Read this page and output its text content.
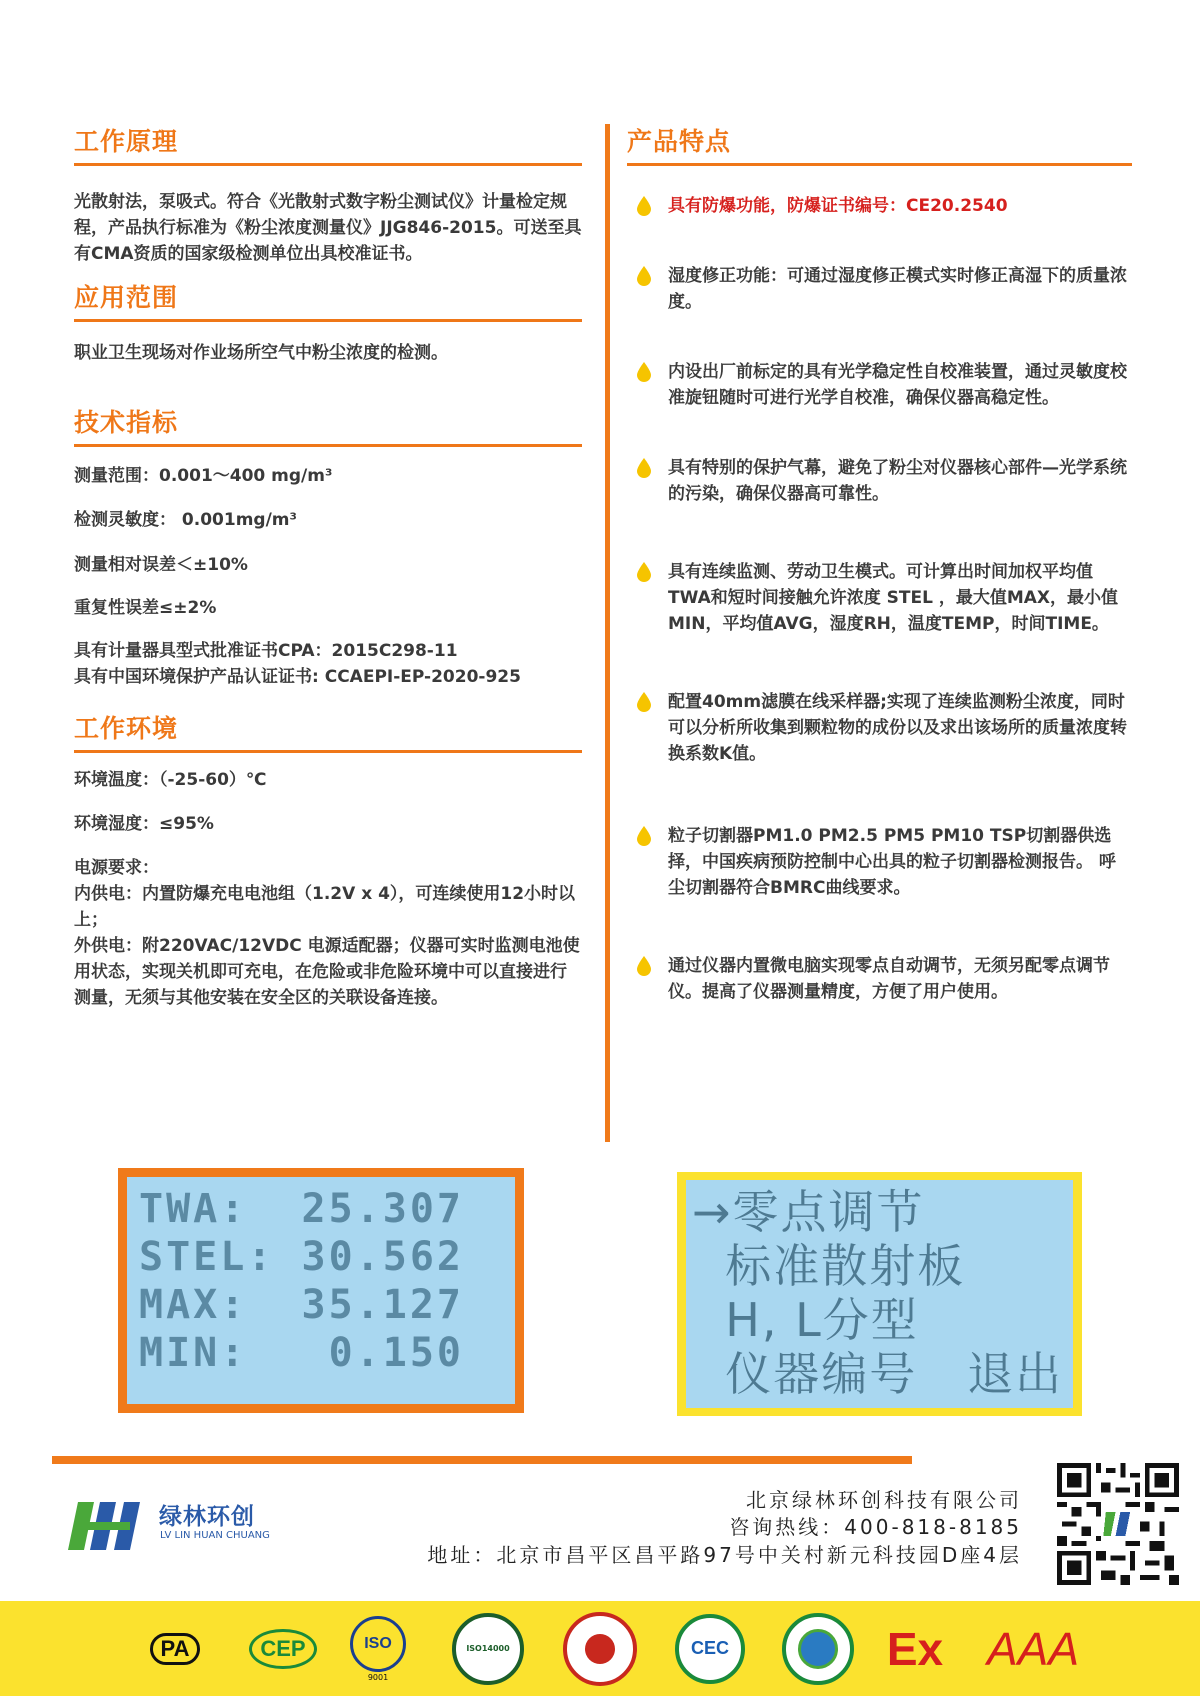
工作原理

光散射法，泵吸式。符合《光散射式数字粉尘测试仪》计量检定规程，产品执行标准为《粉尘浓度测量仪》JJG846-2015。可送至具有CMA资质的国家级检测单位出具校准证书。

应用范围

职业卫生现场对作业场所空气中粉尘浓度的检测。

技术指标
测量范围：0.001～400 mg/m³
检测灵敏度： 0.001mg/m³
测量相对误差＜±10%
重复性误差≤±2%
具有计量器具型式批准证书CPA：2015C298-11
具有中国环境保护产品认证证书: CCAEPI-EP-2020-925
工作环境
环境温度：（-25-60）℃
环境湿度：≤95%
电源要求：
内供电：内置防爆充电电池组（1.2V x 4），可连续使用12小时以上；
外供电：附220VAC/12VDC 电源适配器；仪器可实时监测电池使用状态，实现关机即可充电，在危险或非危险环境中可以直接进行测量，无须与其他安装在安全区的关联设备连接。
产品特点
具有防爆功能，防爆证书编号：CE20.2540
湿度修正功能：可通过湿度修正模式实时修正高湿下的质量浓度。
内设出厂前标定的具有光学稳定性自校准装置，通过灵敏度校准旋钮随时可进行光学自校准，确保仪器高稳定性。
具有特别的保护气幕，避免了粉尘对仪器核心部件—光学系统的污染，确保仪器高可靠性。
具有连续监测、劳动卫生模式。可计算出时间加权平均值TWA和短时间接触允许浓度 STEL ，最大值MAX，最小值MIN，平均值AVG，湿度RH，温度TEMP，时间TIME。
配置40mm滤膜在线采样器;实现了连续监测粉尘浓度，同时可以分析所收集到颗粒物的成份以及求出该场所的质量浓度转换系数K值。
粒子切割器PM1.0 PM2.5 PM5 PM10 TSP切割器供选择，中国疾病预防控制中心出具的粒子切割器检测报告。 呼尘切割器符合BMRC曲线要求。
通过仪器内置微电脑实现零点自动调节，无须另配零点调节仪。提高了仪器测量精度，方便了用户使用。
TWA:  25.307
STEL: 30.562
MAX:  35.127
MIN:   0.150
→零点调节
标准散射板
H, L分型
仪器编号   退出
绿林环创
LV LIN HUAN CHUANG
北京绿林环创科技有限公司
咨询热线：400-818-8185
地址：北京市昌平区昌平路97号中关村新元科技园D座4层
PA	CEP	ISO
9001
ISO14000	CEC	Ex AAA
